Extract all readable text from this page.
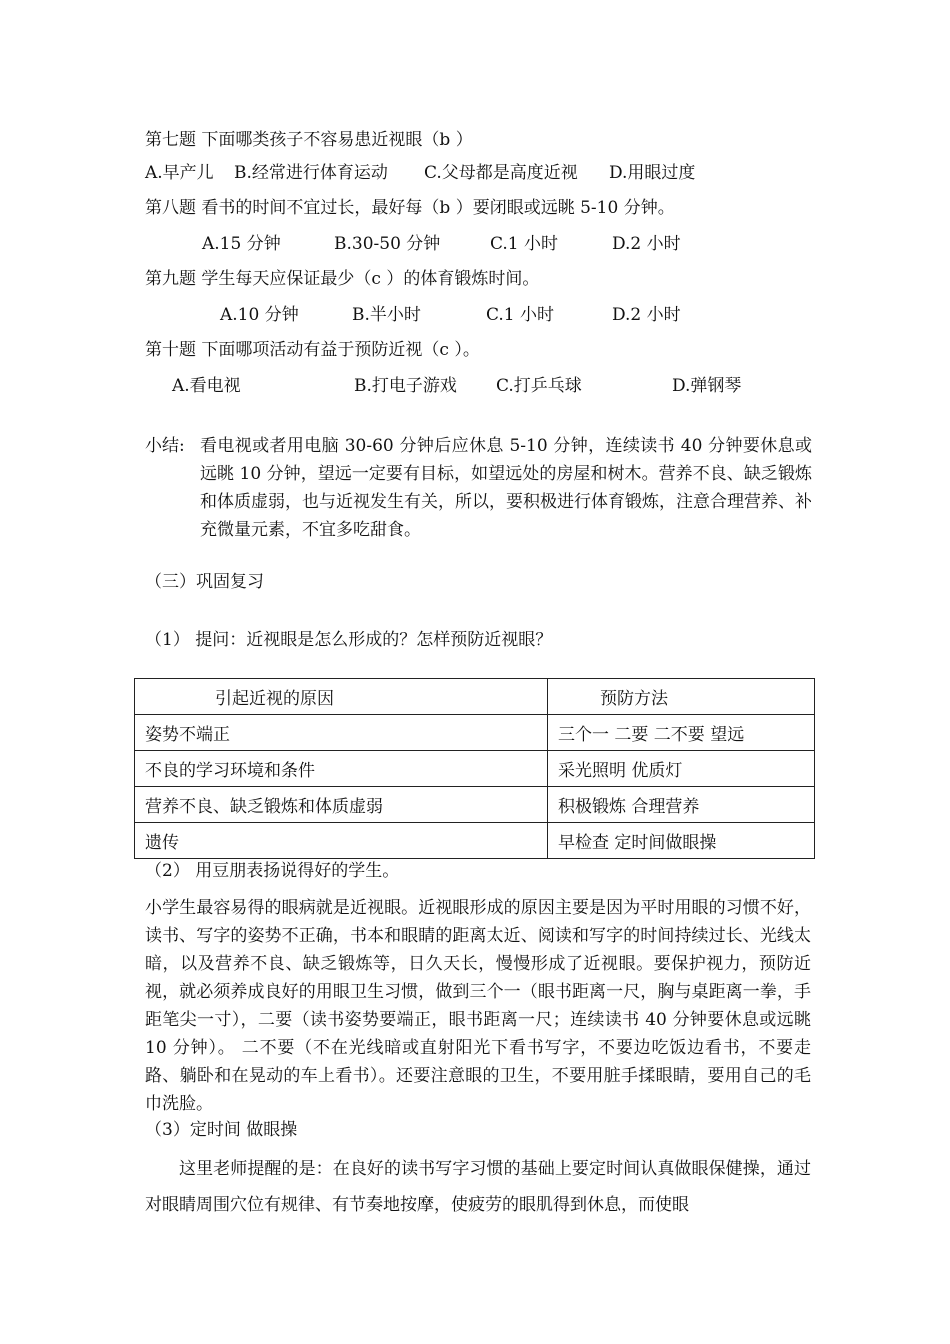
第七题 下面哪类孩子不容易患近视眼（b ）
A.早产儿 B.经常进行体育运动 C.父母都是高度近视 D.用眼过度
第八题 看书的时间不宜过长，最好每（b ）要闭眼或远眺 5-10 分钟。
A.15 分钟	B.30-50 分钟	C.1 小时	D.2 小时
第九题 学生每天应保证最少（c ）的体育锻炼时间。
A.10 分钟	B.半小时	C.1 小时	D.2 小时
第十题 下面哪项活动有益于预防近视（c ）。
A.看电视	B.打电子游戏 C.打乒乓球	D.弹钢琴
小结: 看电视或者用电脑 30-60 分钟后应休息 5-10 分钟，连续读书 40 分钟要休息或远眺 10 分钟，望远一定要有目标，如望远处的房屋和树木。营养不良、缺乏锻炼和体质虚弱，也与近视发生有关，所以，要积极进行体育锻炼，注意合理营养、补充微量元素，不宜多吃甜食。
（三）巩固复习
（1） 提问：近视眼是怎么形成的？怎样预防近视眼？
引起近视的原因	预防方法
姿势不端正	三个一 二要 二不要 望远
不良的学习环境和条件	采光照明 优质灯
营养不良、缺乏锻炼和体质虚弱	积极锻炼 合理营养
遗传	早检查 定时间做眼操
（2） 用豆朋表扬说得好的学生。
小学生最容易得的眼病就是近视眼。近视眼形成的原因主要是因为平时用眼的习惯不好，读书、写字的姿势不正确，书本和眼睛的距离太近、阅读和写字的时间持续过长、光线太暗，以及营养不良、缺乏锻炼等，日久天长，慢慢形成了近视眼。要保护视力，预防近视，就必须养成良好的用眼卫生习惯，做到三个一（眼书距离一尺，胸与桌距离一拳，手距笔尖一寸），二要（读书姿势要端正，眼书距离一尺；连续读书 40 分钟要休息或远眺 10 分钟）。 二不要（不在光线暗或直射阳光下看书写字，不要边吃饭边看书，不要走路、躺卧和在晃动的车上看书）。还要注意眼的卫生，不要用脏手揉眼睛，要用自己的毛巾洗脸。
（3）定时间 做眼操
这里老师提醒的是：在良好的读书写字习惯的基础上要定时间认真做眼保健操，通过对眼睛周围穴位有规律、有节奏地按摩，使疲劳的眼肌得到休息，而使眼
